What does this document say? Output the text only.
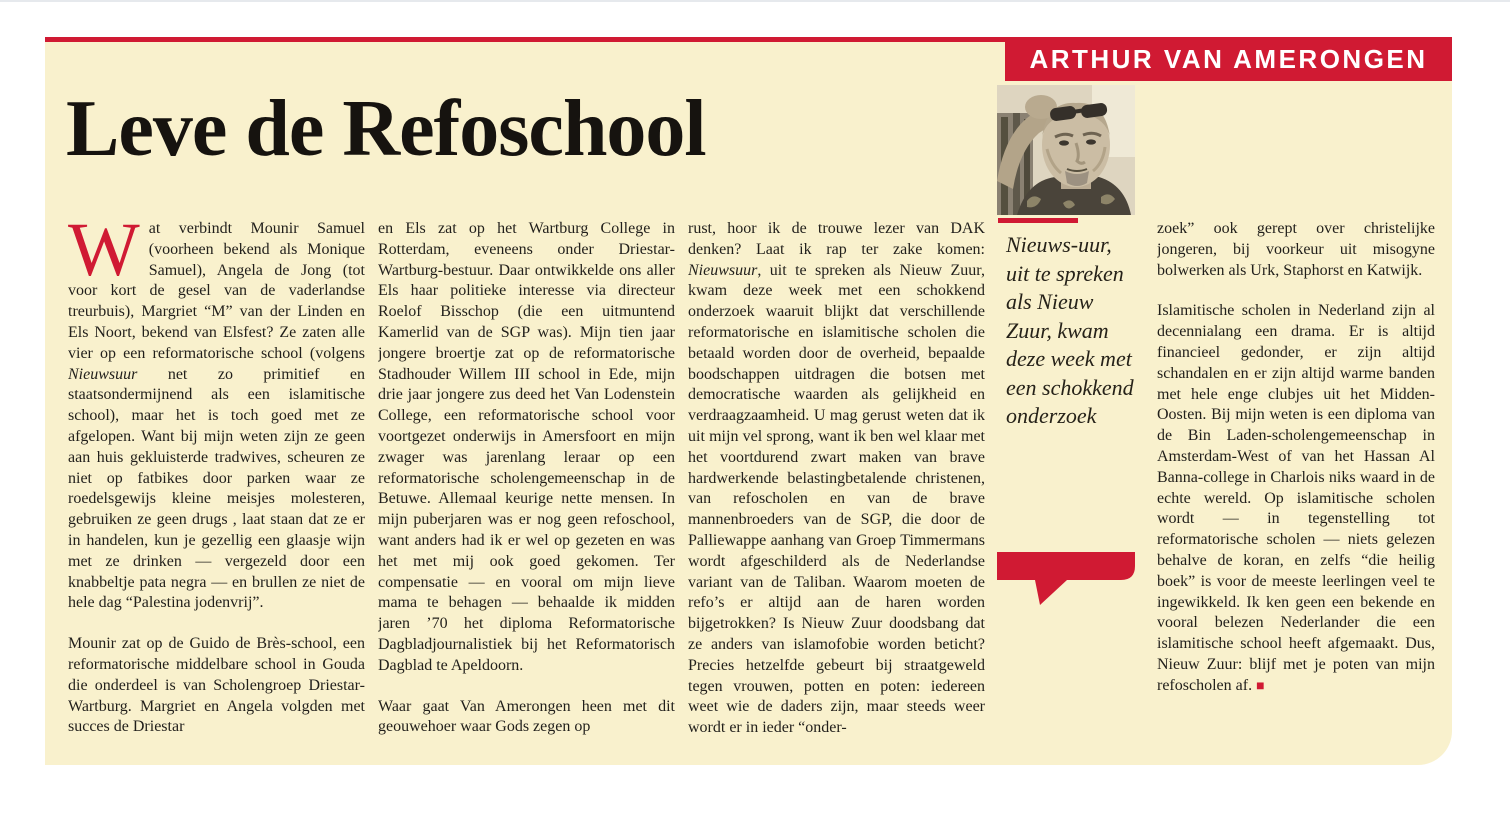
ARTHUR VAN AMERONGEN
Leve de Refoschool

Wat verbindt Mounir Samuel (voorheen bekend als Monique Samuel), Angela de Jong (tot voor kort de gesel van de vaderlandse treurbuis), Margriet “M” van der Linden en Els Noort, bekend van Elsfest? Ze zaten alle vier op een reformatorische school (volgens Nieuwsuur net zo primitief en staatsondermijnend als een islamitische school), maar het is toch goed met ze afgelopen. Want bij mijn weten zijn ze geen aan huis gekluisterde tradwives, scheuren ze niet op fatbikes door parken waar ze roedelsgewijs kleine meisjes molesteren, gebruiken ze geen drugs , laat staan dat ze er in handelen, kun je gezellig een glaasje wijn met ze drinken — vergezeld door een knabbeltje pata negra — en brullen ze niet de hele dag “Palestina jodenvrij”.

Mounir zat op de Guido de Brès-school, een reformatorische middelbare school in Gouda die onderdeel is van Scholengroep Driestar-Wartburg. Margriet en Angela volgden met succes de Driestar

en Els zat op het Wartburg College in Rotterdam, eveneens onder Driestar-Wartburg-bestuur. Daar ontwikkelde ons aller Els haar politieke interesse via directeur Roelof Bisschop (die een uitmuntend Kamerlid van de SGP was). Mijn tien jaar jongere broertje zat op de reformatorische Stadhouder Willem III school in Ede, mijn drie jaar jongere zus deed het Van Lodenstein College, een reformatorische school voor voortgezet onderwijs in Amersfoort en mijn zwager was jarenlang leraar op een reformatorische scholengemeenschap in de Betuwe. Allemaal keurige nette mensen. In mijn puberjaren was er nog geen refoschool, want anders had ik er wel op gezeten en was het met mij ook goed gekomen. Ter compensatie — en vooral om mijn lieve mama te behagen — behaalde ik midden jaren ’70 het diploma Reformatorische Dagbladjournalistiek bij het Reformatorisch Dagblad te Apeldoorn.

Waar gaat Van Amerongen heen met dit geouwehoer waar Gods zegen op

rust, hoor ik de trouwe lezer van DAK denken? Laat ik rap ter zake komen: Nieuwsuur, uit te spreken als Nieuw Zuur, kwam deze week met een schokkend onderzoek waaruit blijkt dat verschillende reformatorische en islamitische scholen die betaald worden door de overheid, bepaalde boodschappen uitdragen die botsen met democratische waarden als gelijkheid en verdraagzaamheid. U mag gerust weten dat ik uit mijn vel sprong, want ik ben wel klaar met het voortdurend zwart maken van brave hardwerkende belastingbetalende christenen, van refoscholen en van de brave mannenbroeders van de SGP, die door de Palliewappe aanhang van Groep Timmermans wordt afgeschilderd als de Nederlandse variant van de Taliban. Waarom moeten de refo’s er altijd aan de haren worden bijgetrokken? Is Nieuw Zuur doodsbang dat ze anders van islamofobie worden beticht? Precies hetzelfde gebeurt bij straatgeweld tegen vrouwen, potten en poten: iedereen weet wie de daders zijn, maar steeds weer wordt er in ieder “onder-

Nieuws-uur, uit te spreken als Nieuw Zuur, kwam deze week met een schokkend onderzoek

zoek” ook gerept over christelijke jongeren, bij voorkeur uit misogyne bolwerken als Urk, Staphorst en Katwijk.

Islamitische scholen in Nederland zijn al decennialang een drama. Er is altijd financieel gedonder, er zijn altijd schandalen en er zijn altijd warme banden met hele enge clubjes uit het Midden-Oosten. Bij mijn weten is een diploma van de Bin Laden-scholengemeenschap in Amsterdam-West of van het Hassan Al Banna-college in Charlois niks waard in de echte wereld. Op islamitische scholen wordt — in tegenstelling tot reformatorische scholen — niets gelezen behalve de koran, en zelfs “die heilig boek” is voor de meeste leerlingen veel te ingewikkeld. Ik ken geen een bekende en vooral belezen Nederlander die een islamitische school heeft afgemaakt. Dus, Nieuw Zuur: blijf met je poten van mijn refoscholen af. ■
